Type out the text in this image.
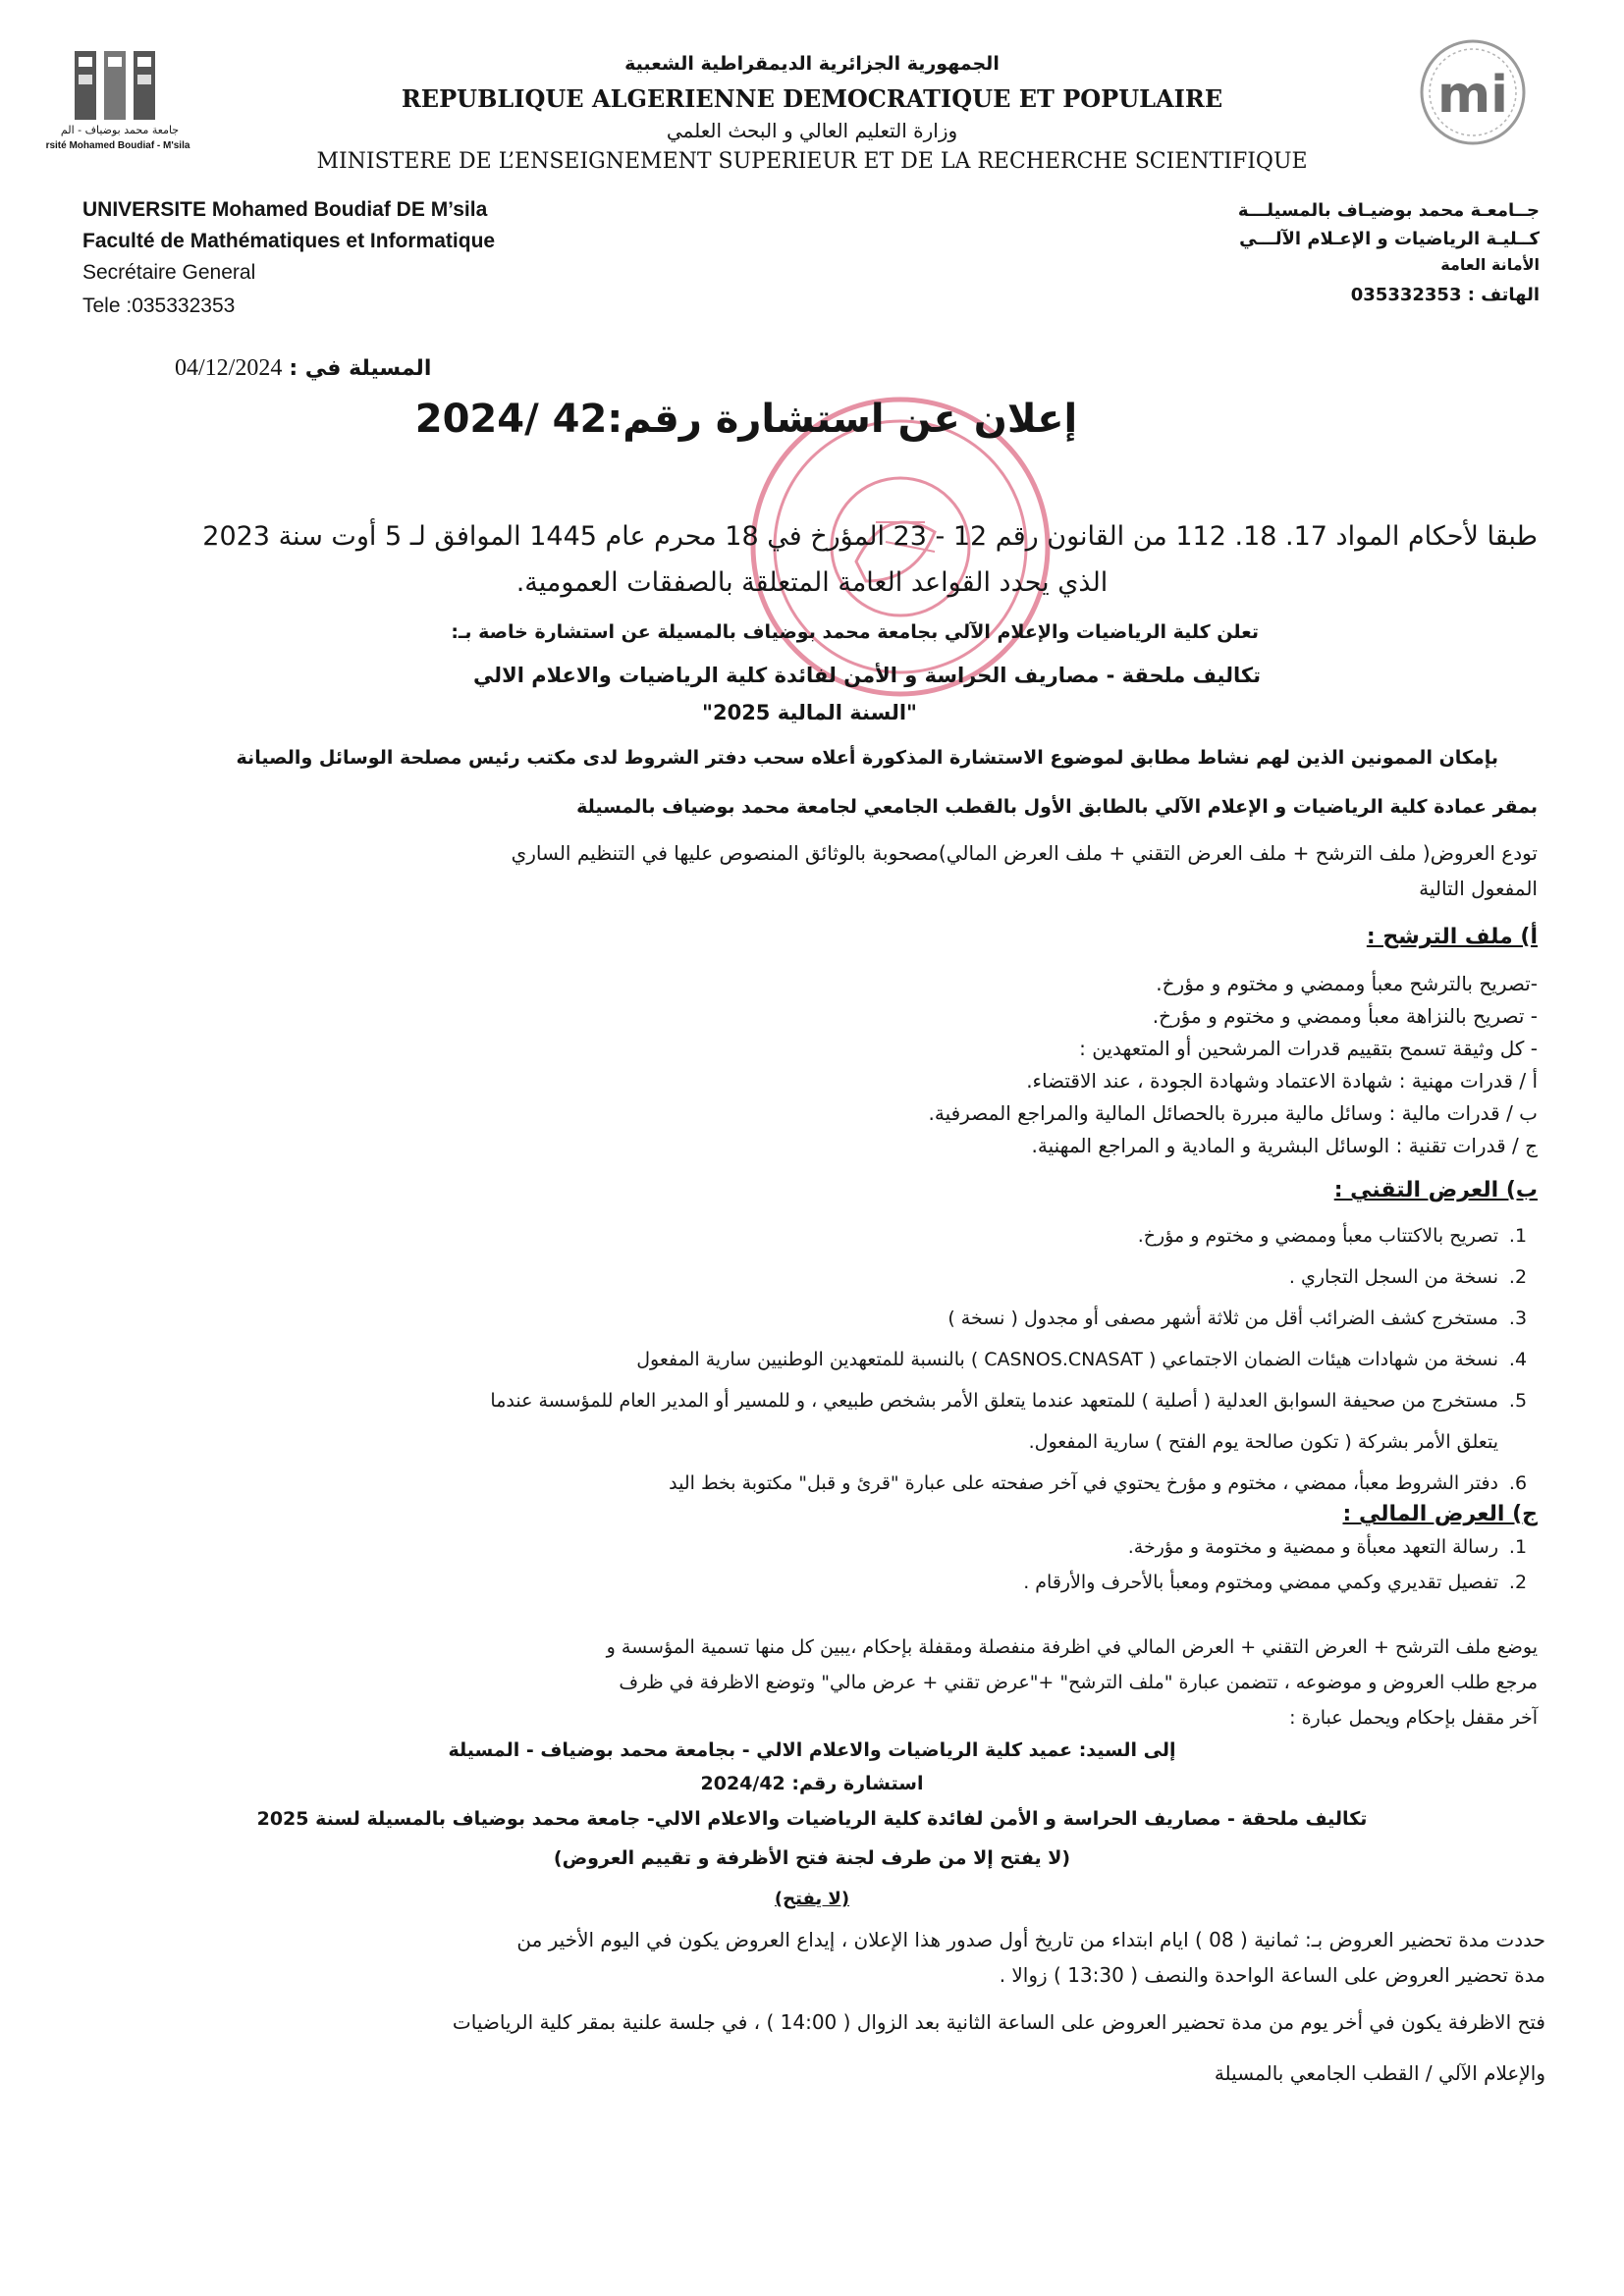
جامعة محمد بوضياف - الم
rsité Mohamed Boudiaf - M'sila
mi
الجمهورية الجزائرية الديمقراطية الشعبية
REPUBLIQUE ALGERIENNE DEMOCRATIQUE ET POPULAIRE
وزارة التعليم العالي و البحث العلمي
MINISTERE DE L’ENSEIGNEMENT SUPERIEUR ET DE LA RECHERCHE SCIENTIFIQUE
UNIVERSITE Mohamed Boudiaf DE M’sila
Faculté de Mathématiques et Informatique
Secrétaire General
Tele :035332353
جــامعـة محمد بوضيـاف بالمسيلـــة
كــليـة الرياضيات و الإعـلام الآلـــي
الأمانة العامة
الهاتف : 035332353
المسيلة في : 04/12/2024
إعلان عن استشارة رقم:42 /2024
طبقا لأحكام المواد 17. 18. 112 من القانون رقم 12 - 23 المؤرخ في 18 محرم عام 1445 الموافق لـ 5 أوت سنة 2023
الذي يحدد القواعد العامة المتعلقة بالصفقات العمومية.
تعلن كلية الرياضيات والإعلام الآلي بجامعة محمد بوضياف بالمسيلة عن استشارة خاصة بـ:
تكاليف ملحقة - مصاريف الحراسة و الأمن لفائدة كلية الرياضيات والاعلام الالي
"السنة المالية 2025"
بإمكان الممونين الذين لهم نشاط مطابق لموضوع الاستشارة المذكورة أعلاه سحب دفتر الشروط لدى مكتب رئيس مصلحة الوسائل والصيانة
بمقر عمادة كلية الرياضيات و الإعلام الآلي بالطابق الأول بالقطب الجامعي لجامعة محمد بوضياف بالمسيلة
تودع العروض( ملف الترشح + ملف العرض التقني + ملف العرض المالي)مصحوبة بالوثائق المنصوص عليها في التنظيم الساري
المفعول التالية
أ) ملف الترشح :
-تصريح بالترشح معبأ وممضي و مختوم و مؤرخ.
- تصريح بالنزاهة معبأ وممضي و مختوم و مؤرخ.
- كل وثيقة تسمح بتقييم قدرات المرشحين أو المتعهدين :
أ / قدرات مهنية : شهادة الاعتماد وشهادة الجودة ، عند الاقتضاء.
ب / قدرات مالية : وسائل مالية مبررة بالحصائل المالية والمراجع المصرفية.
ج / قدرات تقنية : الوسائل البشرية و المادية و المراجع المهنية.
ب) العرض التقني :
1.تصريح بالاكتتاب معبأ وممضي و مختوم و مؤرخ.
2.نسخة من السجل التجاري .
3.مستخرج كشف الضرائب أقل من ثلاثة أشهر مصفى أو مجدول ( نسخة )
4.نسخة من شهادات هيئات الضمان الاجتماعي ( CASNOS.CNASAT ) بالنسبة للمتعهدين الوطنيين سارية المفعول
5.مستخرج من صحيفة السوابق العدلية ( أصلية ) للمتعهد عندما يتعلق الأمر بشخص طبيعي ، و للمسير أو المدير العام للمؤسسة عندما
يتعلق الأمر بشركة ( تكون صالحة يوم الفتح ) سارية المفعول.
6.دفتر الشروط معبأ، ممضي ، مختوم و مؤرخ يحتوي في آخر صفحته على عبارة "قرئ و قبل" مكتوبة بخط اليد
ج) العرض المالي :
1.رسالة التعهد معبأة و ممضية و مختومة و مؤرخة.
2.تفصيل تقديري وكمي ممضي ومختوم ومعبأ بالأحرف والأرقام .
يوضع ملف الترشح + العرض التقني + العرض المالي في اظرفة منفصلة ومقفلة بإحكام ،يبين كل منها تسمية المؤسسة و
مرجع طلب العروض و موضوعه ، تتضمن عبارة "ملف الترشح" +"عرض تقني + عرض مالي" وتوضع الاظرفة في ظرف
آخر مقفل بإحكام ويحمل عبارة :
إلى السيد: عميد كلية الرياضيات والاعلام الالي - بجامعة محمد بوضياف - المسيلة
استشارة رقم: 2024/42
تكاليف ملحقة - مصاريف الحراسة و الأمن لفائدة كلية الرياضيات والاعلام الالي- جامعة محمد بوضياف بالمسيلة لسنة 2025
(لا يفتح إلا من طرف لجنة فتح الأظرفة و تقييم العروض)
(لا يفتح)
حددت مدة تحضير العروض بـ: ثمانية ( 08 ) ايام ابتداء من تاريخ أول صدور هذا الإعلان ، إيداع العروض يكون في اليوم الأخير من
مدة تحضير العروض على الساعة الواحدة والنصف ( 13:30 ) زوالا .
فتح الاظرفة يكون في أخر يوم من مدة تحضير العروض على الساعة الثانية بعد الزوال ( 14:00 ) ، في جلسة علنية بمقر كلية الرياضيات
والإعلام الآلي / القطب الجامعي بالمسيلة
